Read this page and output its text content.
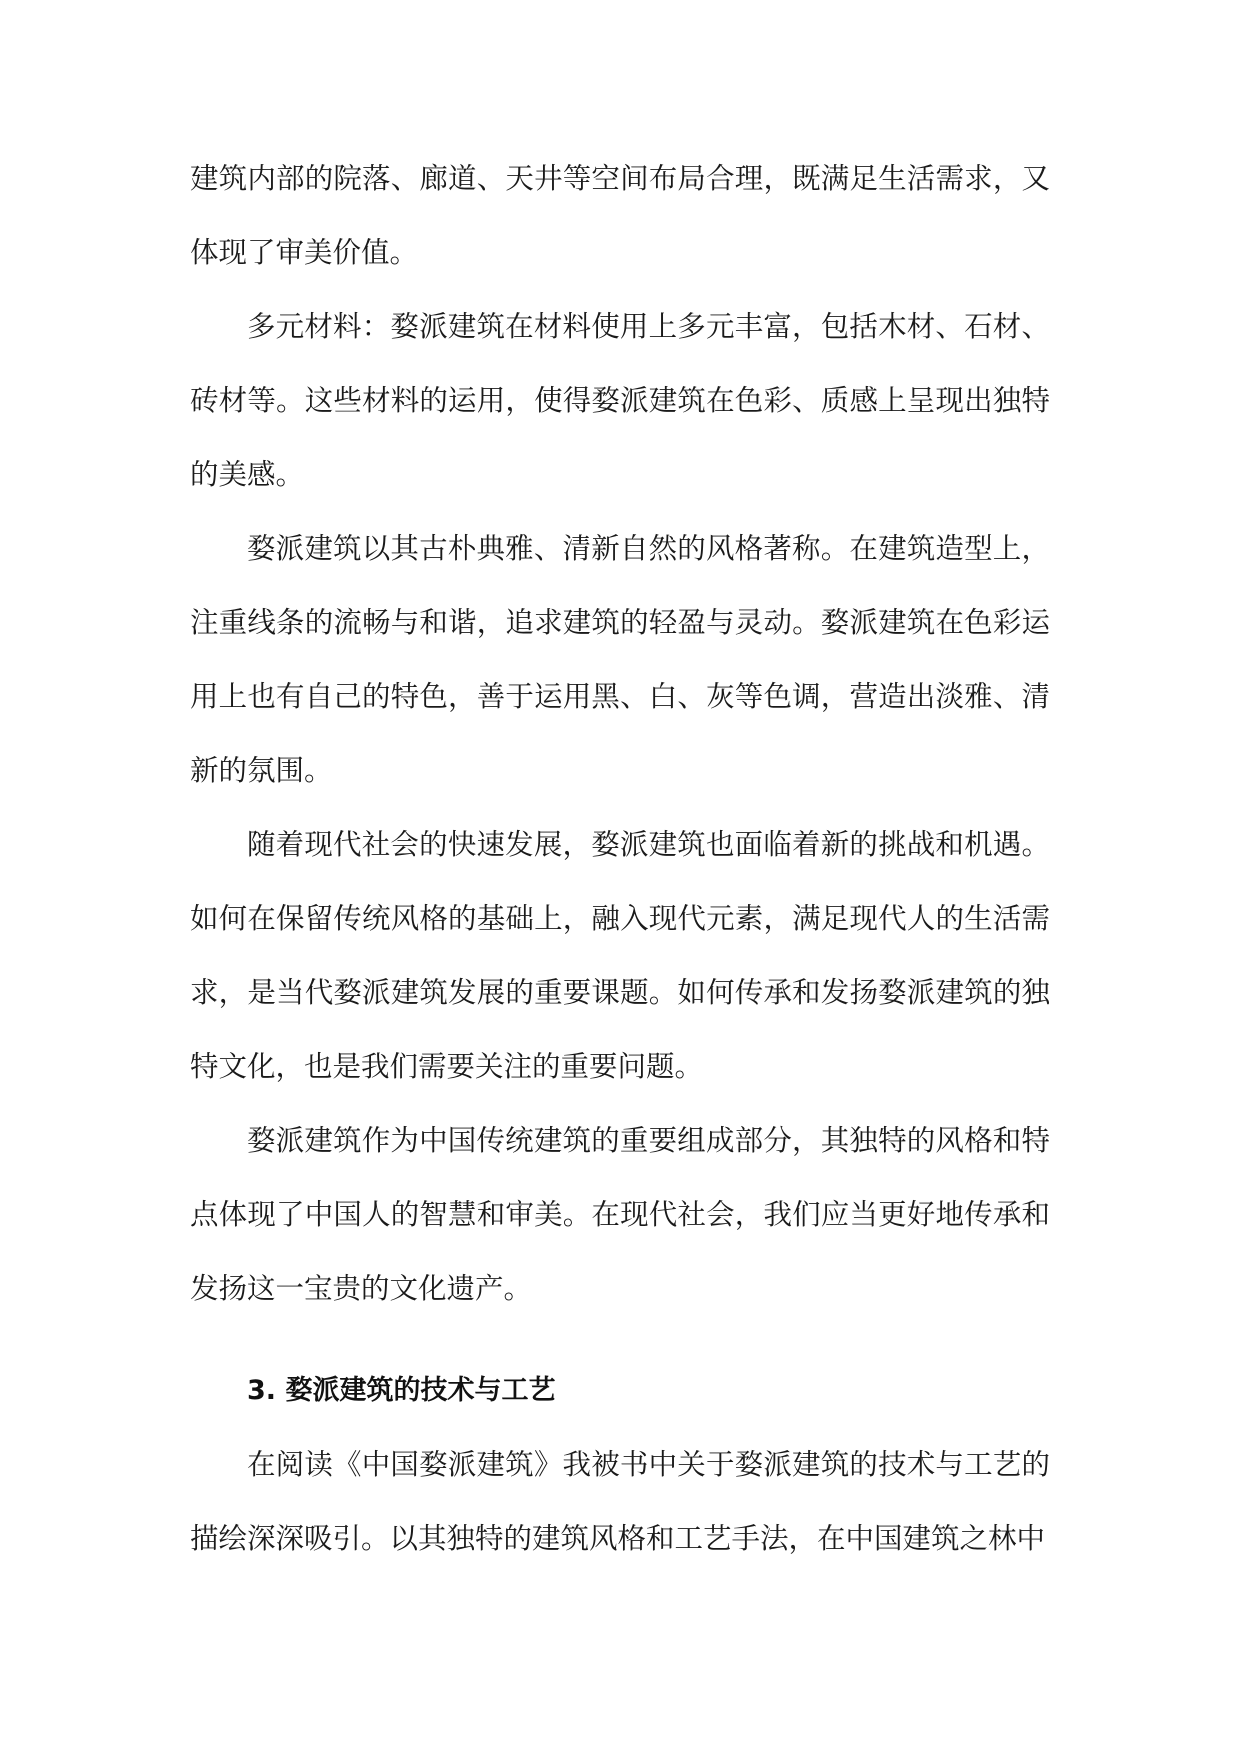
建筑内部的院落、廊道、天井等空间布局合理，既满足生活需求，又体现了审美价值。

多元材料：婺派建筑在材料使用上多元丰富，包括木材、石材、砖材等。这些材料的运用，使得婺派建筑在色彩、质感上呈现出独特的美感。

婺派建筑以其古朴典雅、清新自然的风格著称。在建筑造型上，注重线条的流畅与和谐，追求建筑的轻盈与灵动。婺派建筑在色彩运用上也有自己的特色，善于运用黑、白、灰等色调，营造出淡雅、清新的氛围。

随着现代社会的快速发展，婺派建筑也面临着新的挑战和机遇。如何在保留传统风格的基础上，融入现代元素，满足现代人的生活需求，是当代婺派建筑发展的重要课题。如何传承和发扬婺派建筑的独特文化，也是我们需要关注的重要问题。

婺派建筑作为中国传统建筑的重要组成部分，其独特的风格和特点体现了中国人的智慧和审美。在现代社会，我们应当更好地传承和发扬这一宝贵的文化遗产。

3. 婺派建筑的技术与工艺

在阅读《中国婺派建筑》我被书中关于婺派建筑的技术与工艺的描绘深深吸引。以其独特的建筑风格和工艺手法，在中国建筑之林中
